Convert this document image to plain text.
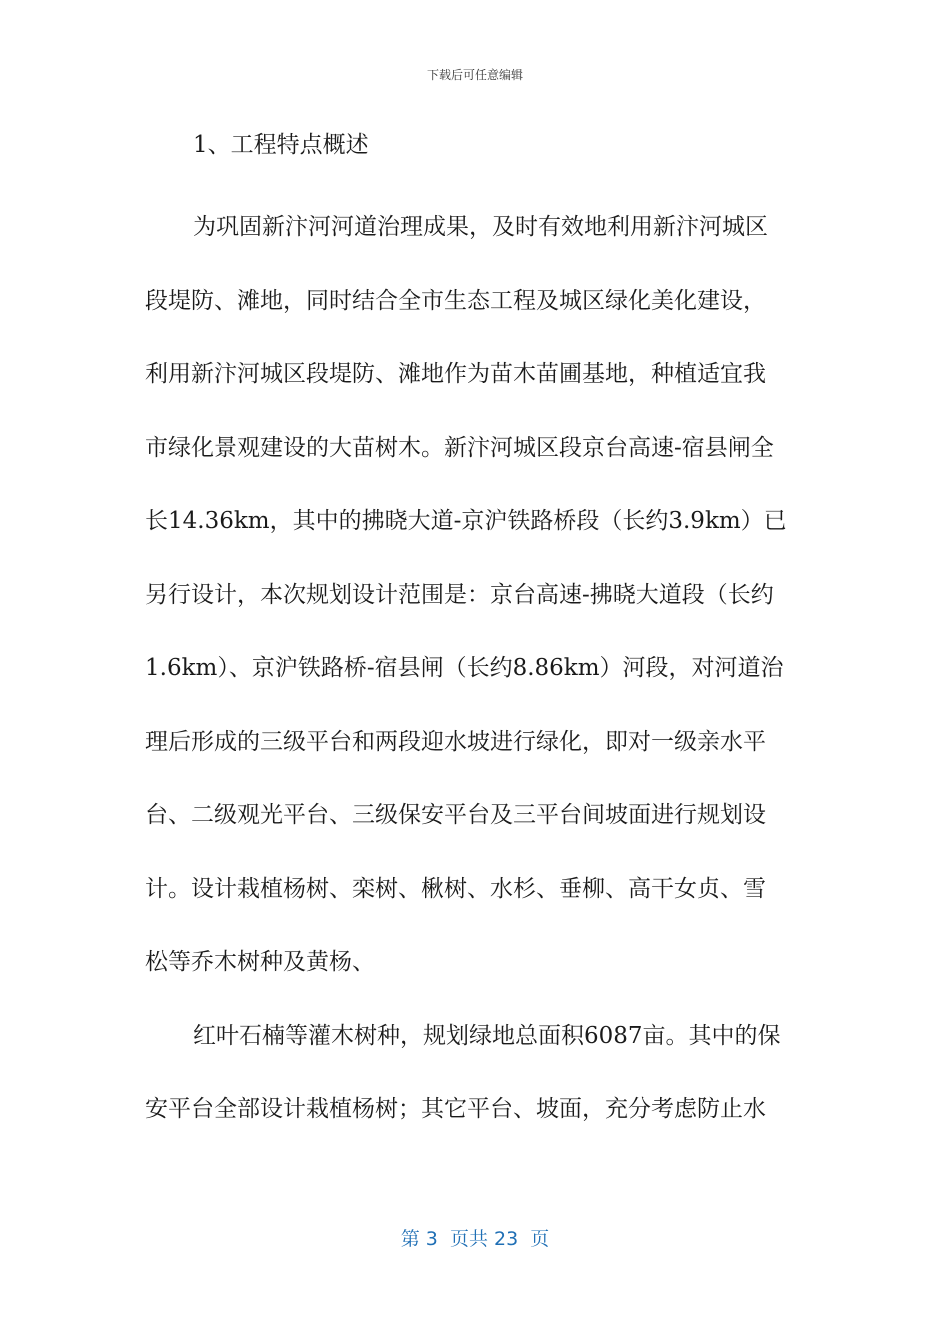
下载后可任意编辑
1、工程特点概述
为巩固新汴河河道治理成果，及时有效地利用新汴河城区
段堤防、滩地，同时结合全市生态工程及城区绿化美化建设，
利用新汴河城区段堤防、滩地作为苗木苗圃基地，种植适宜我
市绿化景观建设的大苗树木。新汴河城区段京台高速-宿县闸全
长14.36km，其中的拂晓大道-京沪铁路桥段（长约3.9km）已
另行设计，本次规划设计范围是：京台高速-拂晓大道段（长约
1.6km）、京沪铁路桥-宿县闸（长约8.86km）河段，对河道治
理后形成的三级平台和两段迎水坡进行绿化，即对一级亲水平
台、二级观光平台、三级保安平台及三平台间坡面进行规划设
计。设计栽植杨树、栾树、楸树、水杉、垂柳、高干女贞、雪
松等乔木树种及黄杨、
红叶石楠等灌木树种，规划绿地总面积6087亩。其中的保
安平台全部设计栽植杨树；其它平台、坡面，充分考虑防止水
第 3  页共 23  页
